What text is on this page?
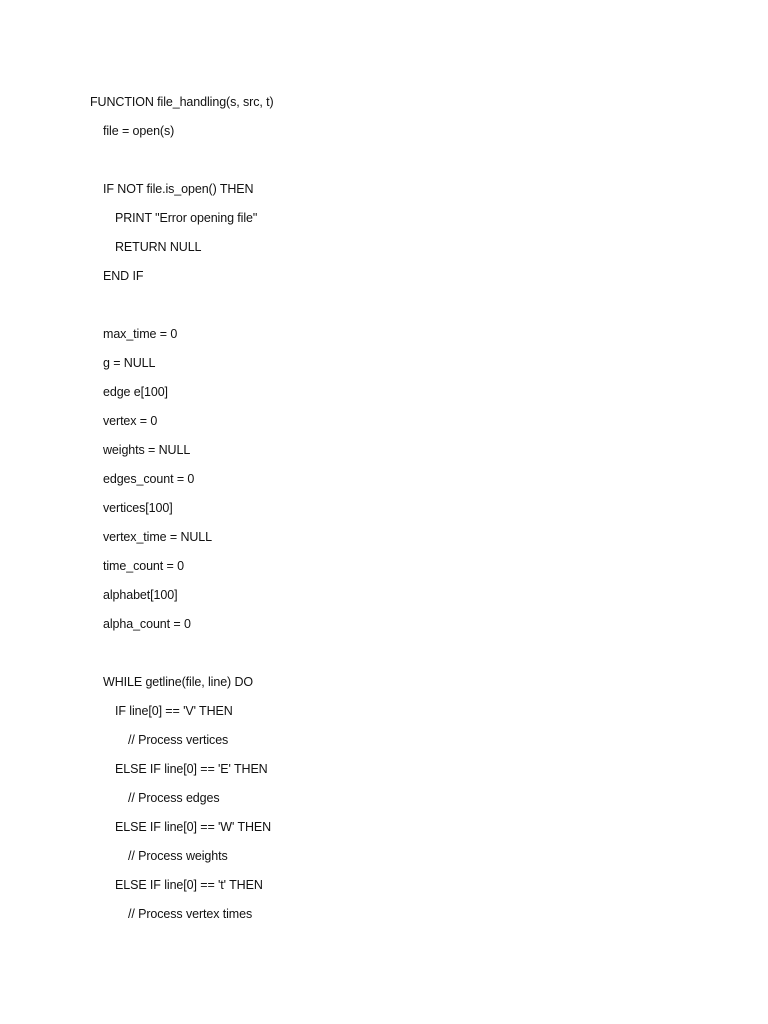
FUNCTION file_handling(s, src, t)
file = open(s)
IF NOT file.is_open() THEN
PRINT "Error opening file"
RETURN NULL
END IF
max_time = 0
g = NULL
edge e[100]
vertex = 0
weights = NULL
edges_count = 0
vertices[100]
vertex_time = NULL
time_count = 0
alphabet[100]
alpha_count = 0
WHILE getline(file, line) DO
IF line[0] == 'V' THEN
// Process vertices
ELSE IF line[0] == 'E' THEN
// Process edges
ELSE IF line[0] == 'W' THEN
// Process weights
ELSE IF line[0] == 't' THEN
// Process vertex times
